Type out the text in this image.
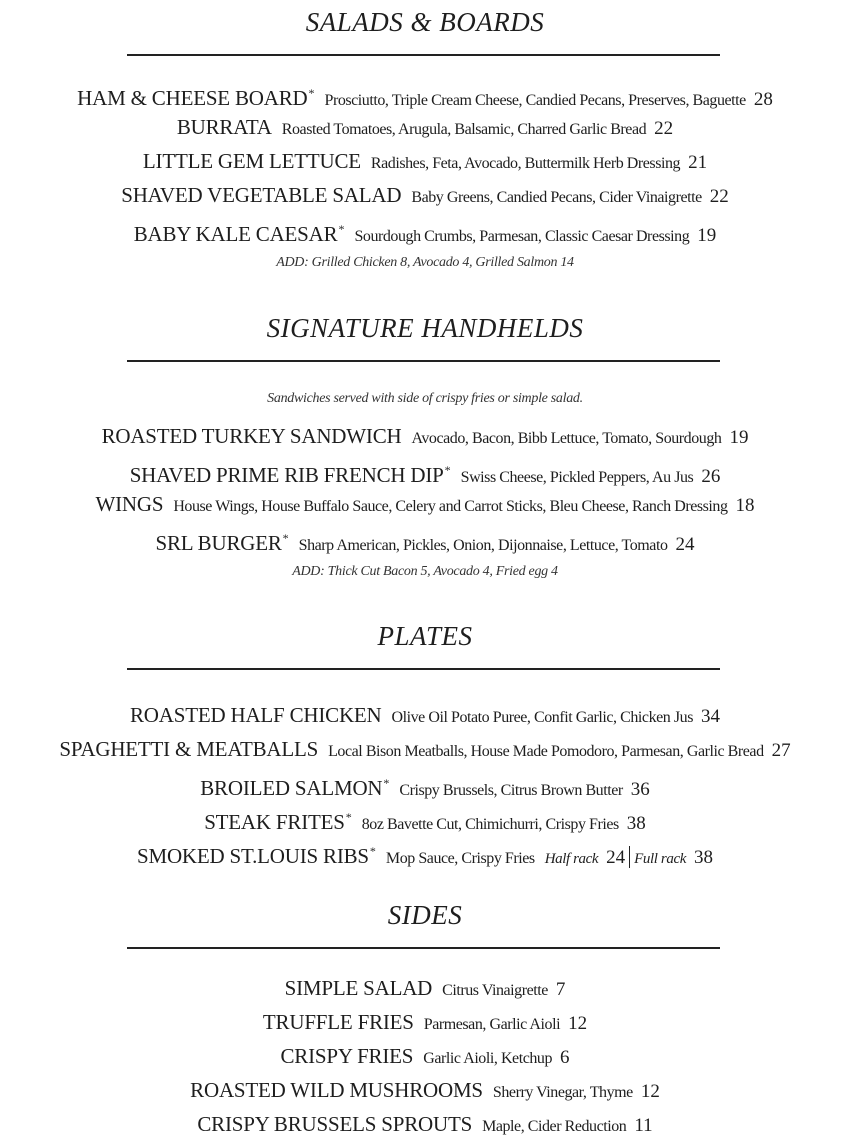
SALADS & BOARDS
HAM & CHEESE BOARD* Prosciutto, Triple Cream Cheese, Candied Pecans, Preserves, Baguette 28
BURRATA Roasted Tomatoes, Arugula, Balsamic, Charred Garlic Bread 22
LITTLE GEM LETTUCE Radishes, Feta, Avocado, Buttermilk Herb Dressing 21
SHAVED VEGETABLE SALAD Baby Greens, Candied Pecans, Cider Vinaigrette 22
BABY KALE CAESAR* Sourdough Crumbs, Parmesan, Classic Caesar Dressing 19
ADD: Grilled Chicken 8, Avocado 4, Grilled Salmon 14
SIGNATURE HANDHELDS
Sandwiches served with side of crispy fries or simple salad.
ROASTED TURKEY SANDWICH Avocado, Bacon, Bibb Lettuce, Tomato, Sourdough 19
SHAVED PRIME RIB FRENCH DIP* Swiss Cheese, Pickled Peppers, Au Jus 26
WINGS House Wings, House Buffalo Sauce, Celery and Carrot Sticks, Bleu Cheese, Ranch Dressing 18
SRL BURGER* Sharp American, Pickles, Onion, Dijonnaise, Lettuce, Tomato 24
ADD: Thick Cut Bacon 5, Avocado 4, Fried egg 4
PLATES
ROASTED HALF CHICKEN Olive Oil Potato Puree, Confit Garlic, Chicken Jus 34
SPAGHETTI & MEATBALLS Local Bison Meatballs, House Made Pomodoro, Parmesan, Garlic Bread 27
BROILED SALMON* Crispy Brussels, Citrus Brown Butter 36
STEAK FRITES* 8oz Bavette Cut, Chimichurri, Crispy Fries 38
SMOKED ST.LOUIS RIBS* Mop Sauce, Crispy Fries Half rack 24 Full rack 38
SIDES
SIMPLE SALAD Citrus Vinaigrette 7
TRUFFLE FRIES Parmesan, Garlic Aioli 12
CRISPY FRIES Garlic Aioli, Ketchup 6
ROASTED WILD MUSHROOMS Sherry Vinegar, Thyme 12
CRISPY BRUSSELS SPROUTS Maple, Cider Reduction 11
